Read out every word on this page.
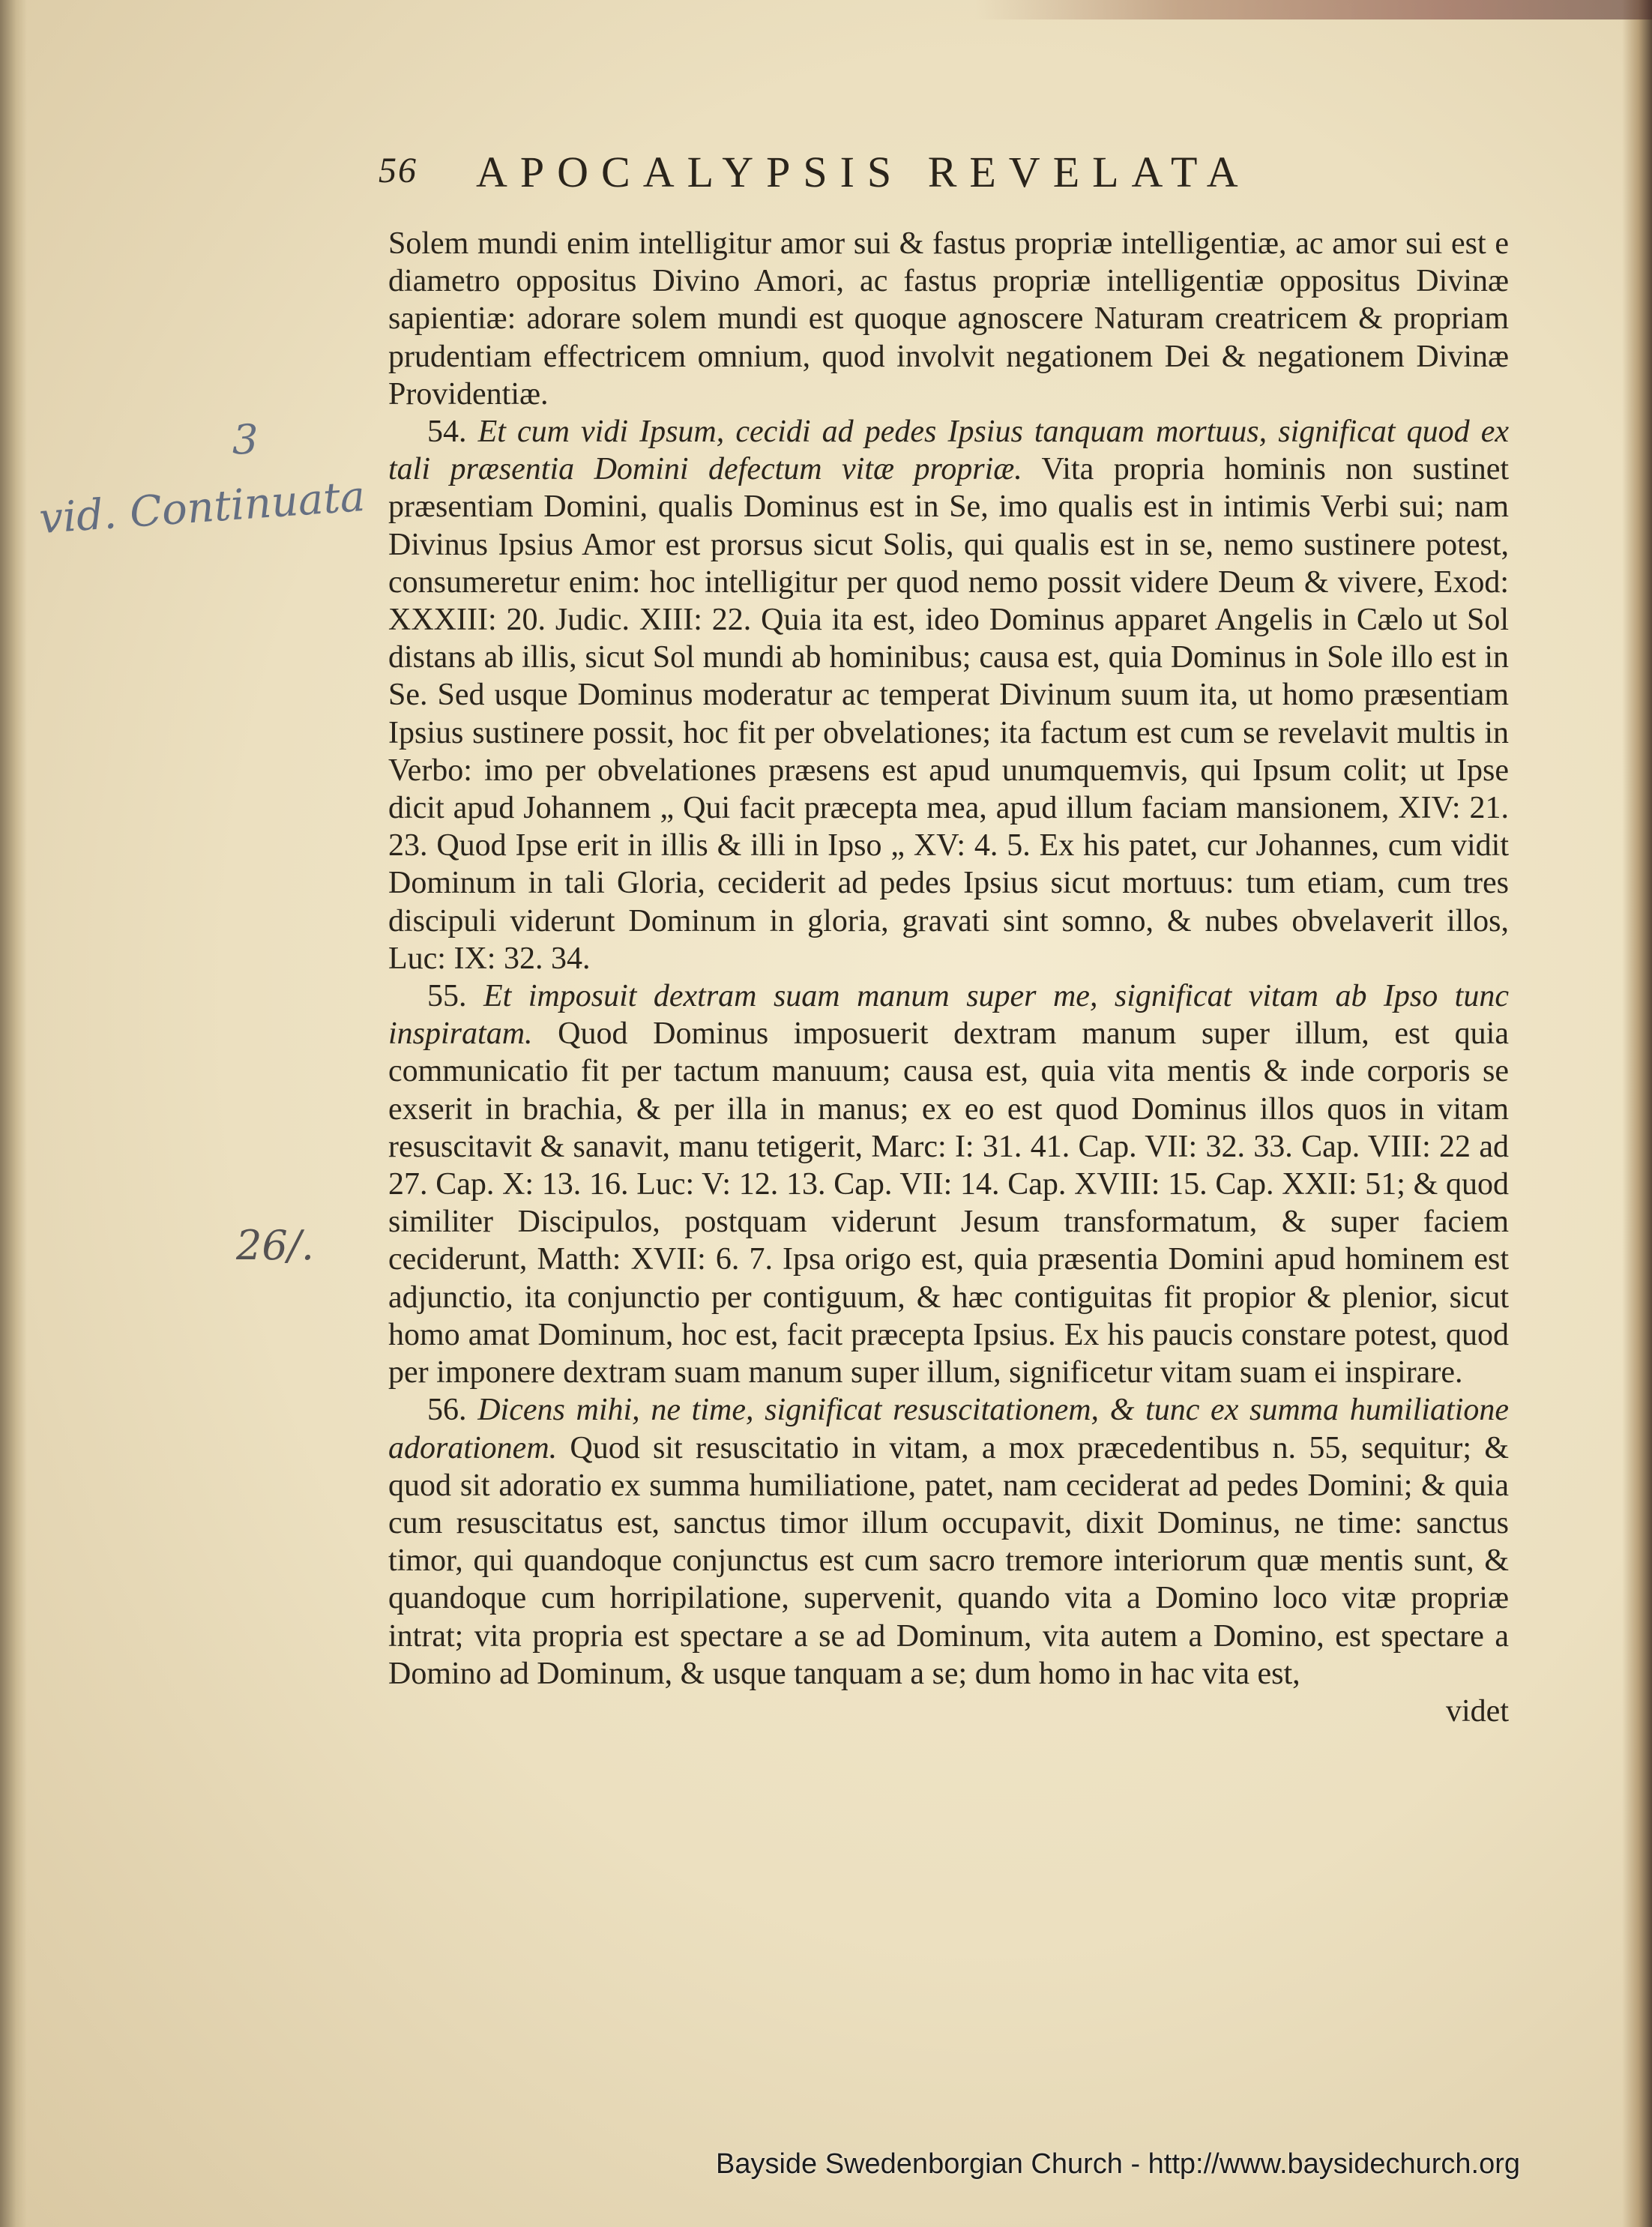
56 APOCALYPSIS REVELATA
3
vid. Continuata
26/.

Solem mundi enim intelligitur amor sui & fastus propriæ intelligentiæ, ac amor sui est e diametro oppositus Divino Amori, ac fastus propriæ intelligentiæ oppositus Divinæ sapientiæ: adorare solem mundi est quoque agnoscere Naturam creatricem & propriam prudentiam effectricem omnium, quod involvit negationem Dei & negationem Divinæ Providentiæ.

54. Et cum vidi Ipsum, cecidi ad pedes Ipsius tanquam mortuus, significat quod ex tali præsentia Domini defectum vitæ propriæ. Vita propria hominis non sustinet præsentiam Domini, qualis Dominus est in Se, imo qualis est in intimis Verbi sui; nam Divinus Ipsius Amor est prorsus sicut Solis, qui qualis est in se, nemo sustinere potest, consumeretur enim: hoc intelligitur per quod nemo possit videre Deum & vivere, Exod: XXXIII: 20. Judic. XIII: 22. Quia ita est, ideo Dominus apparet Angelis in Cælo ut Sol distans ab illis, sicut Sol mundi ab hominibus; causa est, quia Dominus in Sole illo est in Se. Sed usque Dominus moderatur ac temperat Divinum suum ita, ut homo præsentiam Ipsius sustinere possit, hoc fit per obvelationes; ita factum est cum se revelavit multis in Verbo: imo per obvelationes præsens est apud unumquemvis, qui Ipsum colit; ut Ipse dicit apud Johannem „ Qui facit præcepta mea, apud illum faciam mansionem, XIV: 21. 23. Quod Ipse erit in illis & illi in Ipso „ XV: 4. 5. Ex his patet, cur Johannes, cum vidit Dominum in tali Gloria, ceciderit ad pedes Ipsius sicut mortuus: tum etiam, cum tres discipuli viderunt Dominum in gloria, gravati sint somno, & nubes obvelaverit illos, Luc: IX: 32. 34.

55. Et imposuit dextram suam manum super me, significat vitam ab Ipso tunc inspiratam. Quod Dominus imposuerit dextram manum super illum, est quia communicatio fit per tactum manuum; causa est, quia vita mentis & inde corporis se exserit in brachia, & per illa in manus; ex eo est quod Dominus illos quos in vitam resuscitavit & sanavit, manu tetigerit, Marc: I: 31. 41. Cap. VII: 32. 33. Cap. VIII: 22 ad 27. Cap. X: 13. 16. Luc: V: 12. 13. Cap. VII: 14. Cap. XVIII: 15. Cap. XXII: 51; & quod similiter Discipulos, postquam viderunt Jesum transformatum, & super faciem ceciderunt, Matth: XVII: 6. 7. Ipsa origo est, quia præsentia Domini apud hominem est adjunctio, ita conjunctio per contiguum, & hæc contiguitas fit propior & plenior, sicut homo amat Dominum, hoc est, facit præcepta Ipsius. Ex his paucis constare potest, quod per imponere dextram suam manum super illum, significetur vitam suam ei inspirare.

56. Dicens mihi, ne time, significat resuscitationem, & tunc ex summa humiliatione adorationem. Quod sit resuscitatio in vitam, a mox præcedentibus n. 55, sequitur; & quod sit adoratio ex summa humiliatione, patet, nam ceciderat ad pedes Domini; & quia cum resuscitatus est, sanctus timor illum occupavit, dixit Dominus, ne time: sanctus timor, qui quandoque conjunctus est cum sacro tremore interiorum quæ mentis sunt, & quandoque cum horripilatione, supervenit, quando vita a Domino loco vitæ propriæ intrat; vita propria est spectare a se ad Dominum, vita autem a Domino, est spectare a Domino ad Dominum, & usque tanquam a se; dum homo in hac vita est,

videt

Bayside Swedenborgian Church - http://www.baysidechurch.org
